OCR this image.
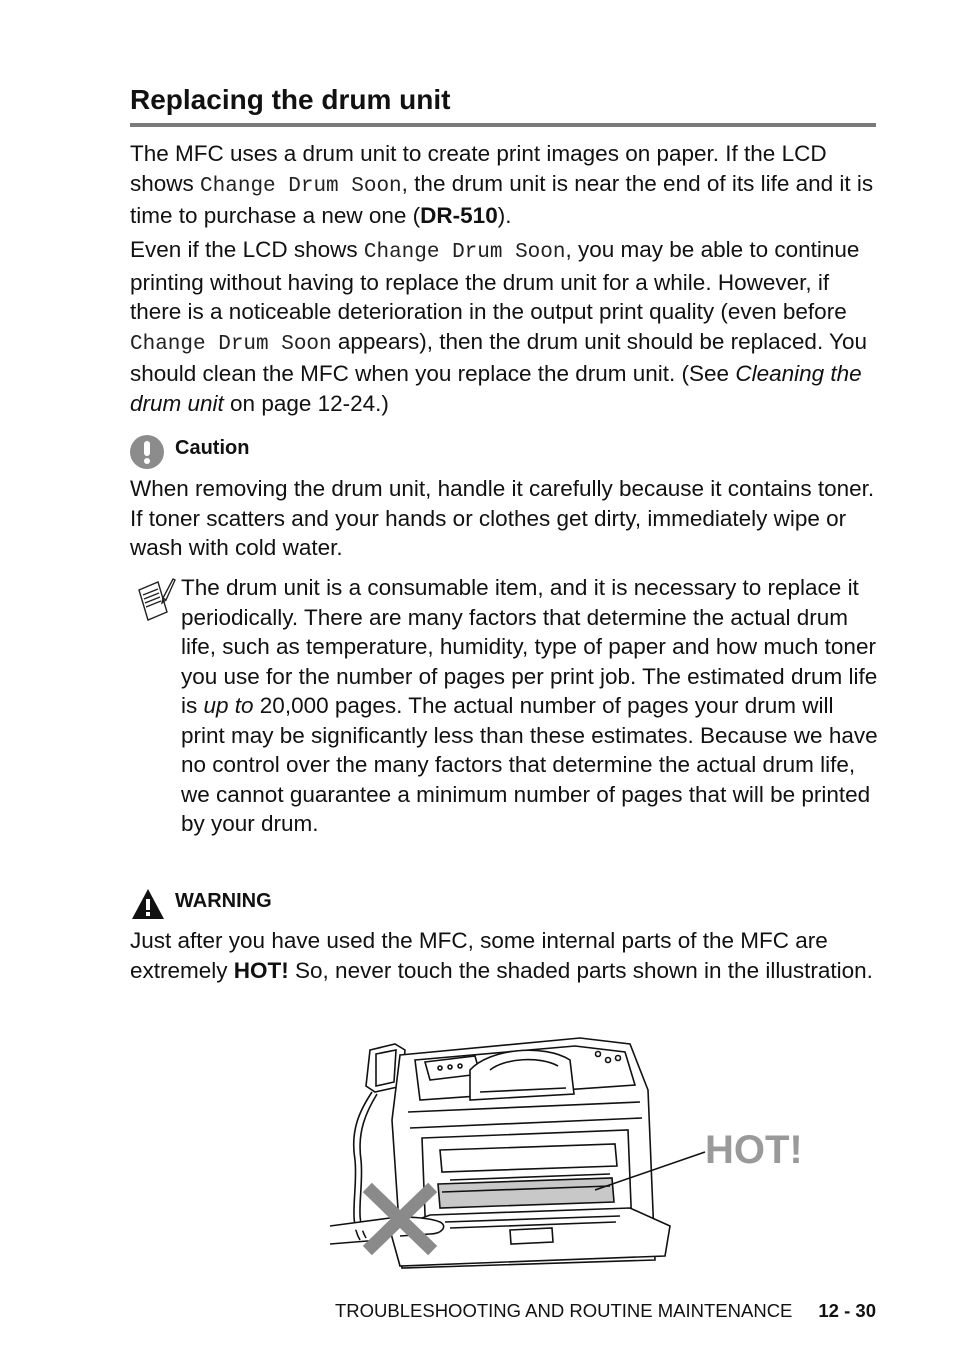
Replacing the drum unit

The MFC uses a drum unit to create print images on paper. If the LCD shows Change Drum Soon, the drum unit is near the end of its life and it is time to purchase a new one (DR-510).

Even if the LCD shows Change Drum Soon, you may be able to continue printing without having to replace the drum unit for a while. However, if there is a noticeable deterioration in the output print quality (even before Change Drum Soon appears), then the drum unit should be replaced. You should clean the MFC when you replace the drum unit. (See Cleaning the drum unit on page 12-24.)

Caution

When removing the drum unit, handle it carefully because it contains toner. If toner scatters and your hands or clothes get dirty, immediately wipe or wash with cold water.

The drum unit is a consumable item, and it is necessary to replace it periodically. There are many factors that determine the actual drum life, such as temperature, humidity, type of paper and how much toner you use for the number of pages per print job. The estimated drum life is up to 20,000 pages. The actual number of pages your drum will print may be significantly less than these estimates. Because we have no control over the many factors that determine the actual drum life, we cannot guarantee a minimum number of pages that will be printed by your drum.

WARNING

Just after you have used the MFC, some internal parts of the MFC are extremely HOT! So, never touch the shaded parts shown in the illustration.

HOT!
TROUBLESHOOTING AND ROUTINE MAINTENANCE 12 - 30
